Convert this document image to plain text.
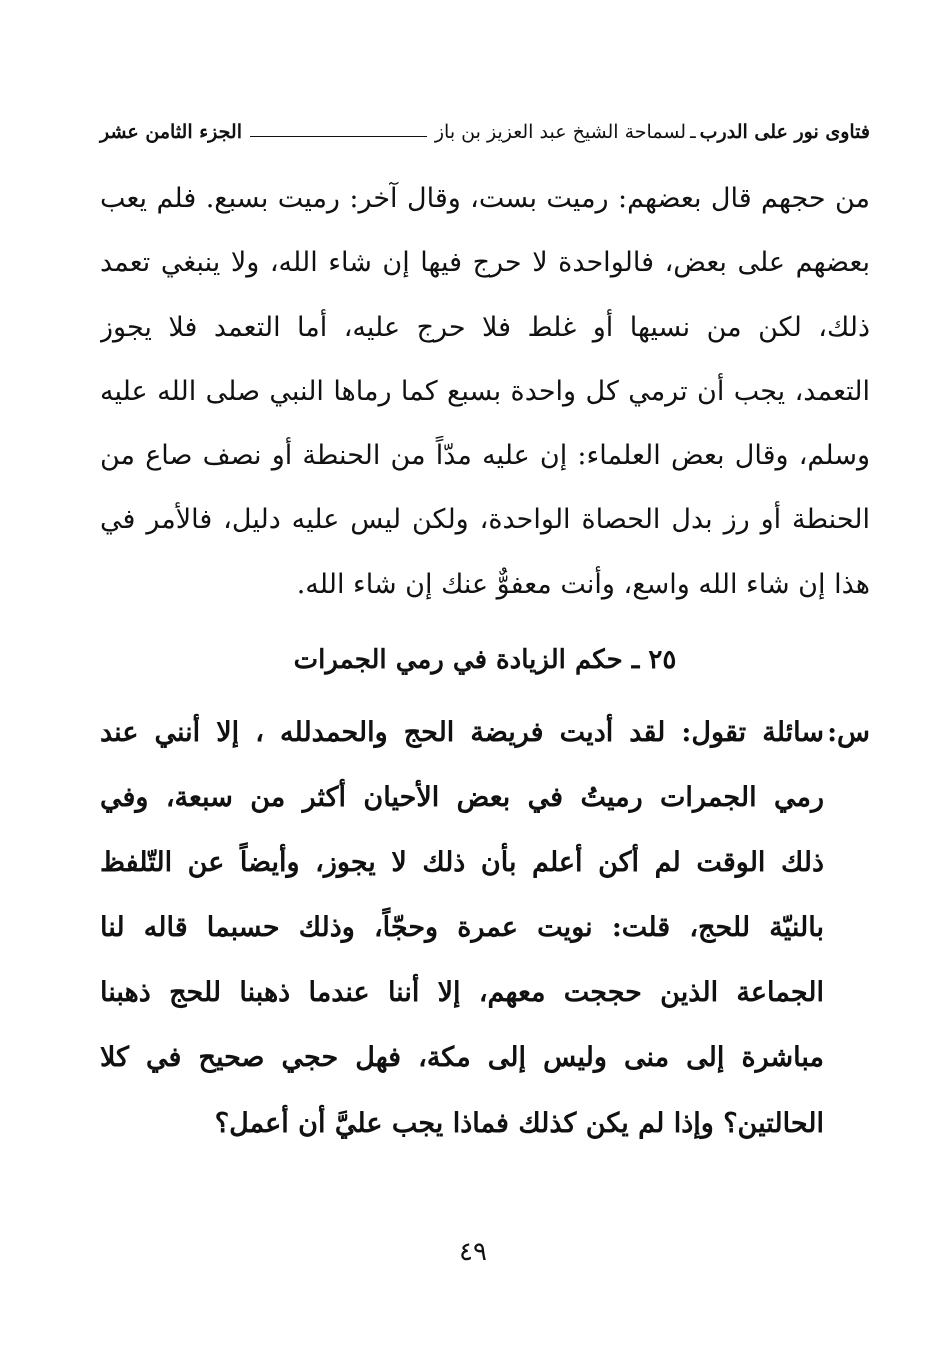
فتاوى نور على الدرب
ـ
لسماحة الشيخ عبد العزيز بن باز
الجزء الثامن عشر
من حجهم قال بعضهم: رميت بست، وقال آخر: رميت بسبع. فلم يعب
بعضهم على بعض، فالواحدة لا حرج فيها إن شاء الله، ولا ينبغي تعمد
ذلك، لكن من نسيها أو غلط فلا حرج عليه، أما التعمد فلا يجوز
التعمد، يجب أن ترمي كل واحدة بسبع كما رماها النبي صلى الله عليه
وسلم، وقال بعض العلماء: إن عليه مدّاً من الحنطة أو نصف صاع من
الحنطة أو رز بدل الحصاة الواحدة، ولكن ليس عليه دليل، فالأمر في
هذا إن شاء الله واسع، وأنت معفوٌّ عنك إن شاء الله.
٢٥ ـ حكم الزيادة في رمي الجمرات
س:
سائلة تقول: لقد أديت فريضة الحج والحمدلله ، إلا أنني عند
رمي الجمرات رميتُ في بعض الأحيان أكثر من سبعة، وفي
ذلك الوقت لم أكن أعلم بأن ذلك لا يجوز، وأيضاً عن التّلفظ
بالنيّة للحج، قلت: نويت عمرة وحجّاً، وذلك حسبما قاله لنا
الجماعة الذين حججت معهم، إلا أننا عندما ذهبنا للحج ذهبنا
مباشرة إلى منى وليس إلى مكة، فهل حجي صحيح في كلا
الحالتين؟ وإذا لم يكن كذلك فماذا يجب عليَّ أن أعمل؟
٤٩
